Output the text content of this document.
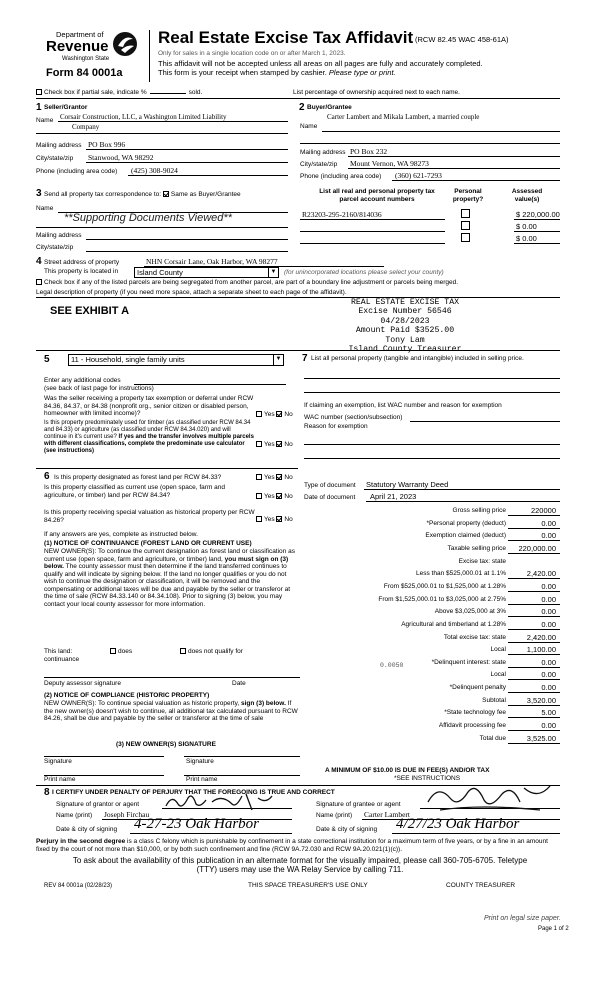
Department of
Revenue
Washington State
Form 84 0001a
Real Estate Excise Tax Affidavit (RCW 82.45 WAC 458-61A)
Only for sales in a single location code on or after March 1, 2023.
This affidavit will not be accepted unless all areas on all pages are fully and accurately completed.
This form is your receipt when stamped by cashier. Please type or print.
Check box if partial sale, indicate %	sold.	List percentage of ownership acquired next to each name.
1 Seller/Grantor
Name Corsair Construction, LLC, a Washington Limited Liability
Company
Mailing address PO Box 996
City/state/zip Stanwood, WA 98292
Phone (including area code) (425) 308-9024
2 Buyer/Grantee
Carter Lambert and Mikala Lambert, a married couple
Name
Mailing address PO Box 232
City/state/zip Mount Vernon, WA 98273
Phone (including area code) (360) 621-7293
3 Send all property tax correspondence to: Same as Buyer/Grantee
Name
**Supporting Documents Viewed**
Mailing address
City/state/zip
List all real and personal property tax
parcel account numbers
Personal
property?
Assessed
value(s)
R23203-295-2160/814036	$ 220,000.00
$ 0.00
$ 0.00
4 Street address of property	NHN Corsair Lane, Oak Harbor, WA 98277
This property is located in	Island County	▼ (for unincorporated locations please select your county)
Check box if any of the listed parcels are being segregated from another parcel, are part of a boundary line adjustment or parcels being merged.
Legal description of property (if you need more space, attach a separate sheet to each page of the affidavit).
SEE EXHIBIT A
REAL ESTATE EXCISE TAX
Excise Number 56546
04/28/2023
Amount Paid $3525.00
Tony Lam
Island County Treasurer
5	11 - Household, single family units	▼
Enter any additional codes
(see back of last page for instructions)
Was the seller receiving a property tax exemption or deferral under RCW 84.36, 84.37, or 84.38 (nonprofit org., senior citizen or disabled person, homeowner with limited income)?	Yes No
Is this property predominately used for timber (as classified under RCW 84.34 and 84.33) or agriculture (as classified under RCW 84.34.020) and will continue in it's current use? If yes and the transfer involves multiple parcels with different classifications, complete the predominate use calculator (see instructions)
Yes No
7 List all personal property (tangible and intangible) included in selling price.
If claiming an exemption, list WAC number and reason for exemption
WAC number (section/subsection)
Reason for exemption
6 Is this property designated as forest land per RCW 84.33?	Yes No
Is this property classified as current use (open space, farm and agriculture, or timber) land per RCW 84.34?	Yes No
Is this property receiving special valuation as historical property per RCW 84.26?	Yes No
If any answers are yes, complete as instructed below.
(1) NOTICE OF CONTINUANCE (FOREST LAND OR CURRENT USE)
NEW OWNER(S): To continue the current designation as forest land or classification as current use (open space, farm and agriculture, or timber) land, you must sign on (3) below. The county assessor must then determine if the land transferred continues to qualify and will indicate by signing below. If the land no longer qualifies or you do not wish to continue the designation or classification, it will be removed and the compensating or additional taxes will be due and payable by the seller or transferor at the time of sale (RCW 84.33.140 or 84.34.108). Prior to signing (3) below, you may contact your local county assessor for more information.
This land:	does	does not qualify for
continuance
Deputy assessor signature	Date
(2) NOTICE OF COMPLIANCE (HISTORIC PROPERTY)
NEW OWNER(S): To continue special valuation as historic property, sign (3) below. If the new owner(s) doesn't wish to continue, all additional tax calculated pursuant to RCW 84.26, shall be due and payable by the seller or transferor at the time of sale
(3) NEW OWNER(S) SIGNATURE
Signature	Signature
Print name	Print name
Type of document Statutory Warranty Deed
Date of document April 21, 2023
Gross selling price	220000
*Personal property (deduct)	0.00
Exemption claimed (deduct)	0.00
Taxable selling price 220,000.00
Excise tax: state
Less than $525,000.01 at 1.1%	2,420.00
From $525,000.01 to $1,525,000 at 1.28%	0.00
From $1,525,000.01 to $3,025,000 at 2.75%	0.00
Above $3,025,000 at 3%	0.00
Agricultural and timberland at 1.28%	0.00
Total excise tax: state	2,420.00
Local	1,100.00
*Delinquent interest: state	0.00
Local	0.00
*Delinquent penalty	0.00
Subtotal	3,520.00
*State technology fee	5.00
Affidavit processing fee	0.00
Total due	3,525.00
0.0050
A MINIMUM OF $10.00 IS DUE IN FEE(S) AND/OR TAX
*SEE INSTRUCTIONS
8 I CERTIFY UNDER PENALTY OF PERJURY THAT THE FOREGOING IS TRUE AND CORRECT
Signature of grantor or agent
Name (print) Joseph Firchau
Date & city of signing 4-27-23 Oak Harbor
Signature of grantee or agent
Name (print) Carter Lambert
Date & city of signing 4/27/23 Oak Harbor
Perjury in the second degree is a class C felony which is punishable by confinement in a state correctional institution for a maximum term of five years, or by a fine in an amount fixed by the court of not more than $10,000, or by both such confinement and fine (RCW 9A.72.030 and RCW 9A.20.021(1)(c)).
To ask about the availability of this publication in an alternate format for the visually impaired, please call 360-705-6705. Teletype
(TTY) users may use the WA Relay Service by calling 711.
REV 84 0001a (02/28/23)	THIS SPACE TREASURER'S USE ONLY	COUNTY TREASURER
Print on legal size paper.
Page 1 of 2
